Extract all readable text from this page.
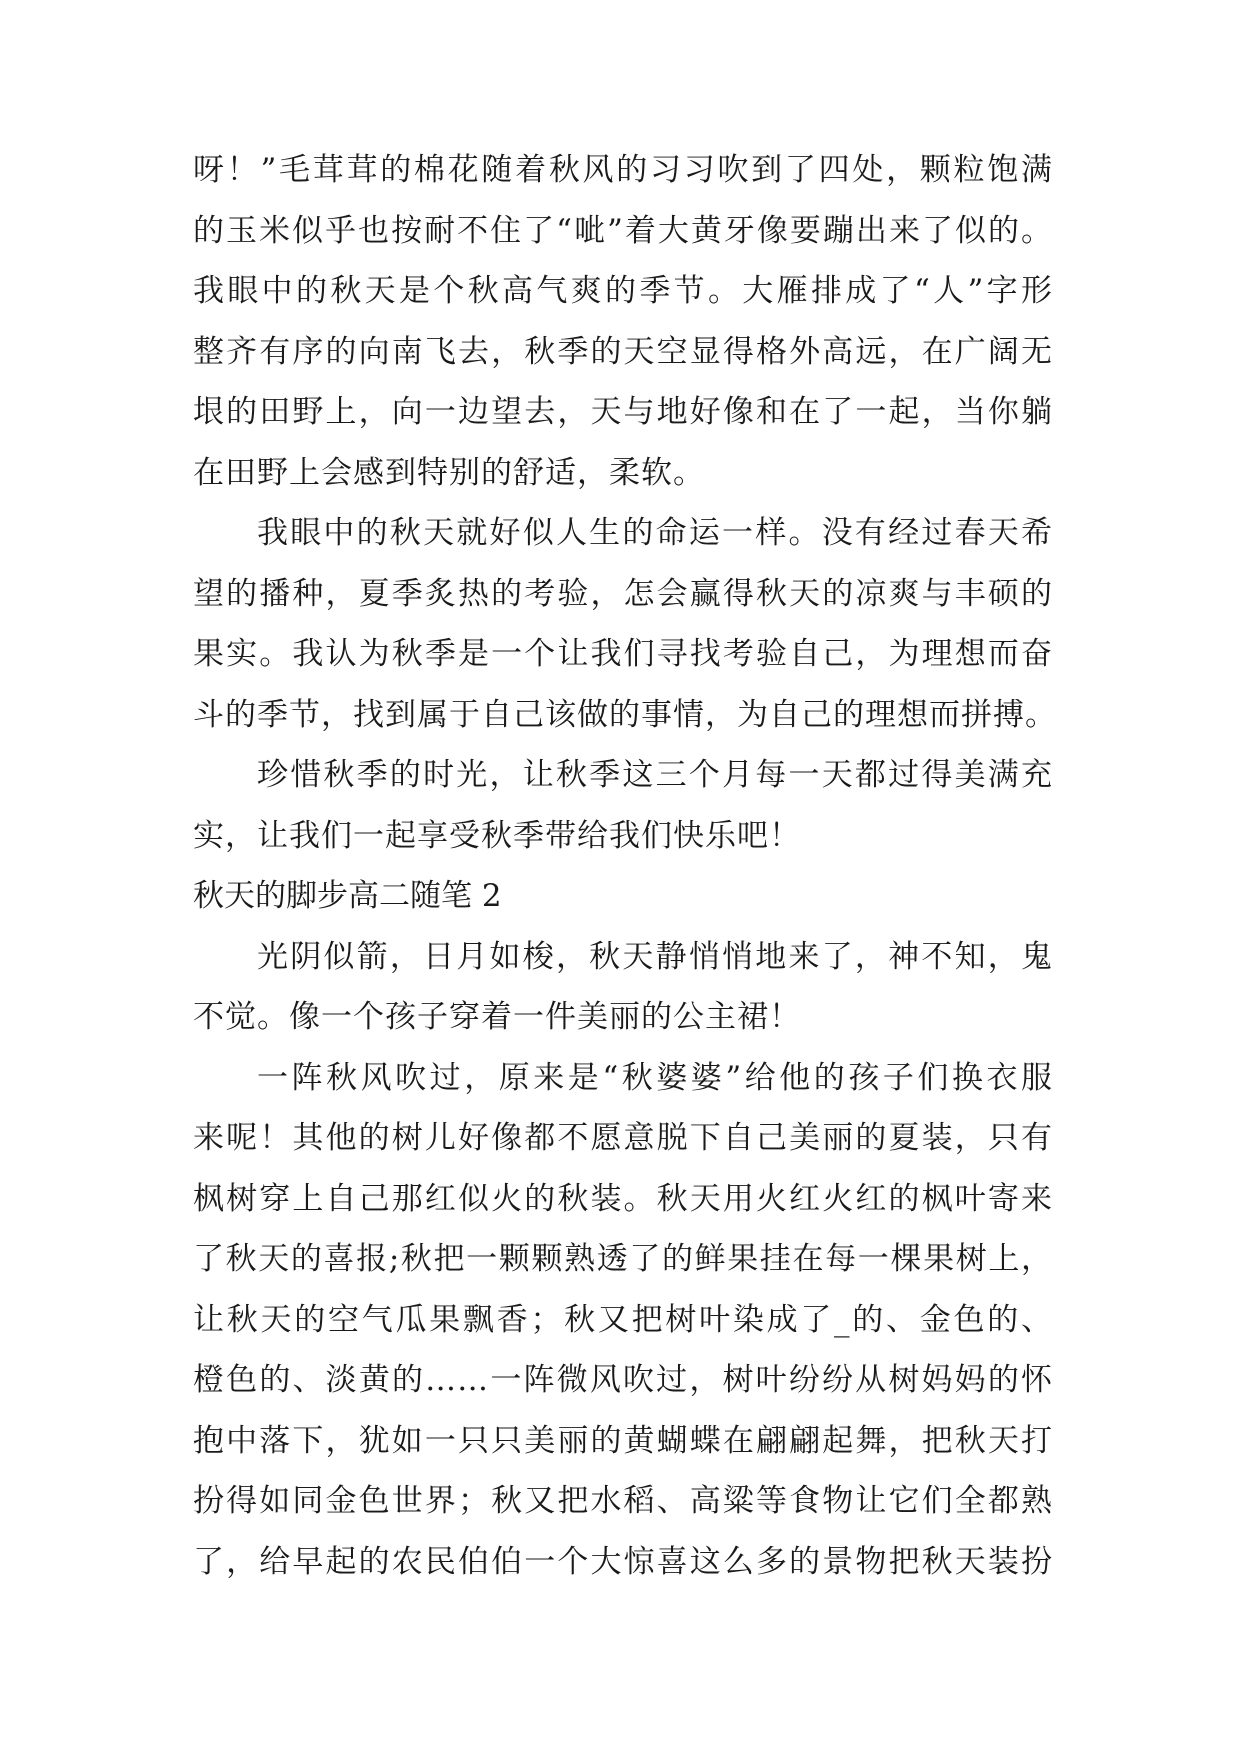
呀！”毛茸茸的棉花随着秋风的习习吹到了四处，颗粒饱满
的玉米似乎也按耐不住了“呲”着大黄牙像要蹦出来了似的。
我眼中的秋天是个秋高气爽的季节。大雁排成了“人”字形
整齐有序的向南飞去，秋季的天空显得格外高远，在广阔无
垠的田野上，向一边望去，天与地好像和在了一起，当你躺
在田野上会感到特别的舒适，柔软。
我眼中的秋天就好似人生的命运一样。没有经过春天希
望的播种，夏季炙热的考验，怎会赢得秋天的凉爽与丰硕的
果实。我认为秋季是一个让我们寻找考验自己，为理想而奋
斗的季节，找到属于自己该做的事情，为自己的理想而拼搏。
珍惜秋季的时光，让秋季这三个月每一天都过得美满充
实，让我们一起享受秋季带给我们快乐吧！
秋天的脚步高二随笔 2
光阴似箭，日月如梭，秋天静悄悄地来了，神不知，鬼
不觉。像一个孩子穿着一件美丽的公主裙！
一阵秋风吹过，原来是“秋婆婆”给他的孩子们换衣服
来呢！其他的树儿好像都不愿意脱下自己美丽的夏装，只有
枫树穿上自己那红似火的秋装。秋天用火红火红的枫叶寄来
了秋天的喜报;秋把一颗颗熟透了的鲜果挂在每一棵果树上，
让秋天的空气瓜果飘香；秋又把树叶染成了_的、金色的、
橙色的、淡黄的……一阵微风吹过，树叶纷纷从树妈妈的怀
抱中落下，犹如一只只美丽的黄蝴蝶在翩翩起舞，把秋天打
扮得如同金色世界；秋又把水稻、高粱等食物让它们全都熟
了，给早起的农民伯伯一个大惊喜这么多的景物把秋天装扮
